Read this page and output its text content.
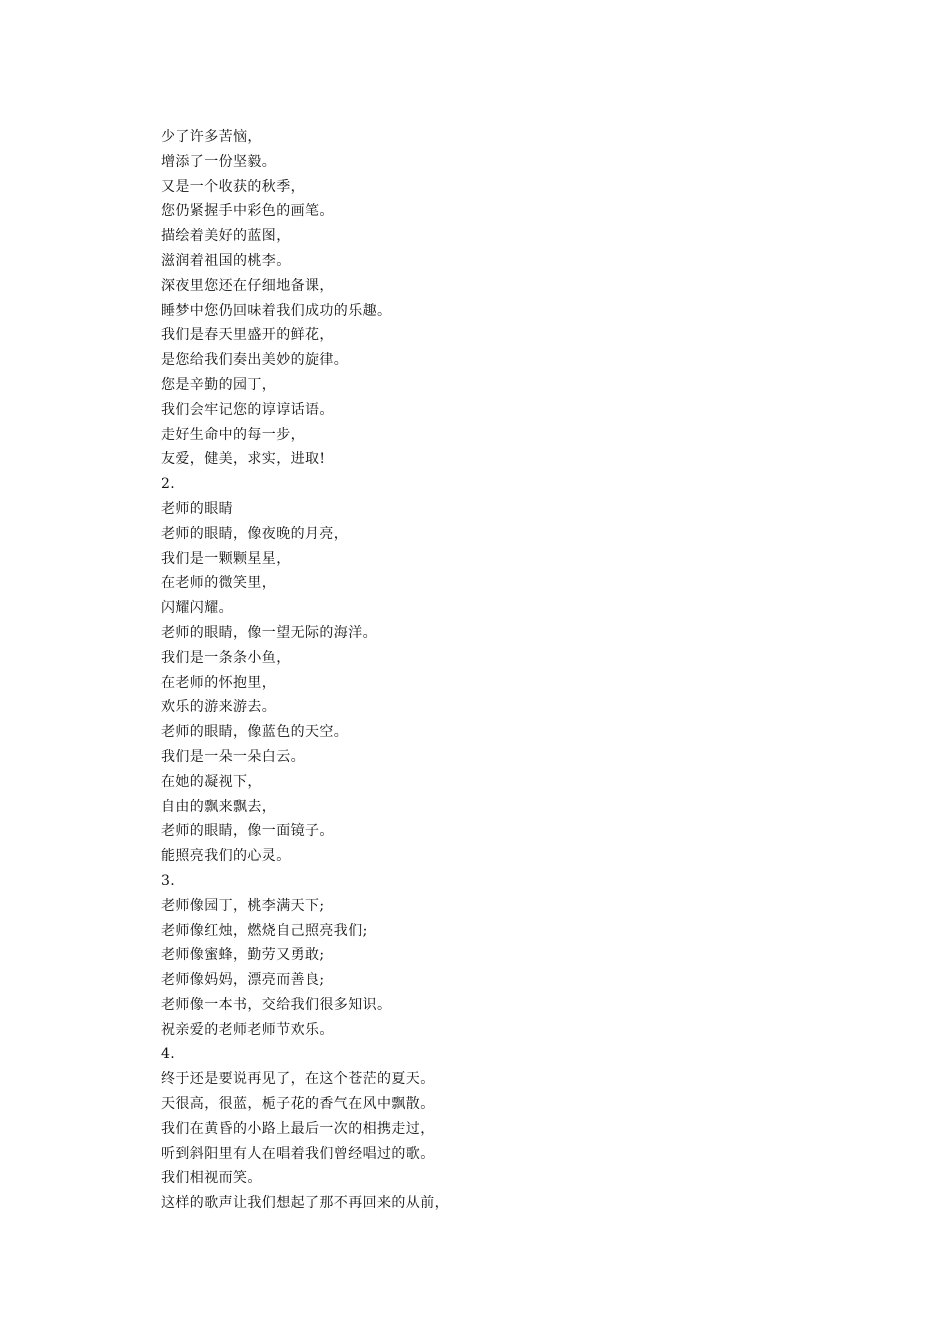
少了许多苦恼，
增添了一份坚毅。
又是一个收获的秋季，
您仍紧握手中彩色的画笔。
描绘着美好的蓝图，
滋润着祖国的桃李。
深夜里您还在仔细地备课，
睡梦中您仍回味着我们成功的乐趣。
我们是春天里盛开的鲜花，
是您给我们奏出美妙的旋律。
您是辛勤的园丁，
我们会牢记您的谆谆话语。
走好生命中的每一步，
友爱，健美，求实，进取!
2.
老师的眼睛
老师的眼睛，像夜晚的月亮，
我们是一颗颗星星，
在老师的微笑里，
闪耀闪耀。
老师的眼睛，像一望无际的海洋。
我们是一条条小鱼，
在老师的怀抱里，
欢乐的游来游去。
老师的眼睛，像蓝色的天空。
我们是一朵一朵白云。
在她的凝视下，
自由的飘来飘去，
老师的眼睛，像一面镜子。
能照亮我们的心灵。
3.
老师像园丁，桃李满天下;
老师像红烛，燃烧自己照亮我们;
老师像蜜蜂，勤劳又勇敢;
老师像妈妈，漂亮而善良;
老师像一本书，交给我们很多知识。
祝亲爱的老师老师节欢乐。
4.
终于还是要说再见了，在这个苍茫的夏天。
天很高，很蓝，栀子花的香气在风中飘散。
我们在黄昏的小路上最后一次的相携走过，
听到斜阳里有人在唱着我们曾经唱过的歌。
我们相视而笑。
这样的歌声让我们想起了那不再回来的从前，
